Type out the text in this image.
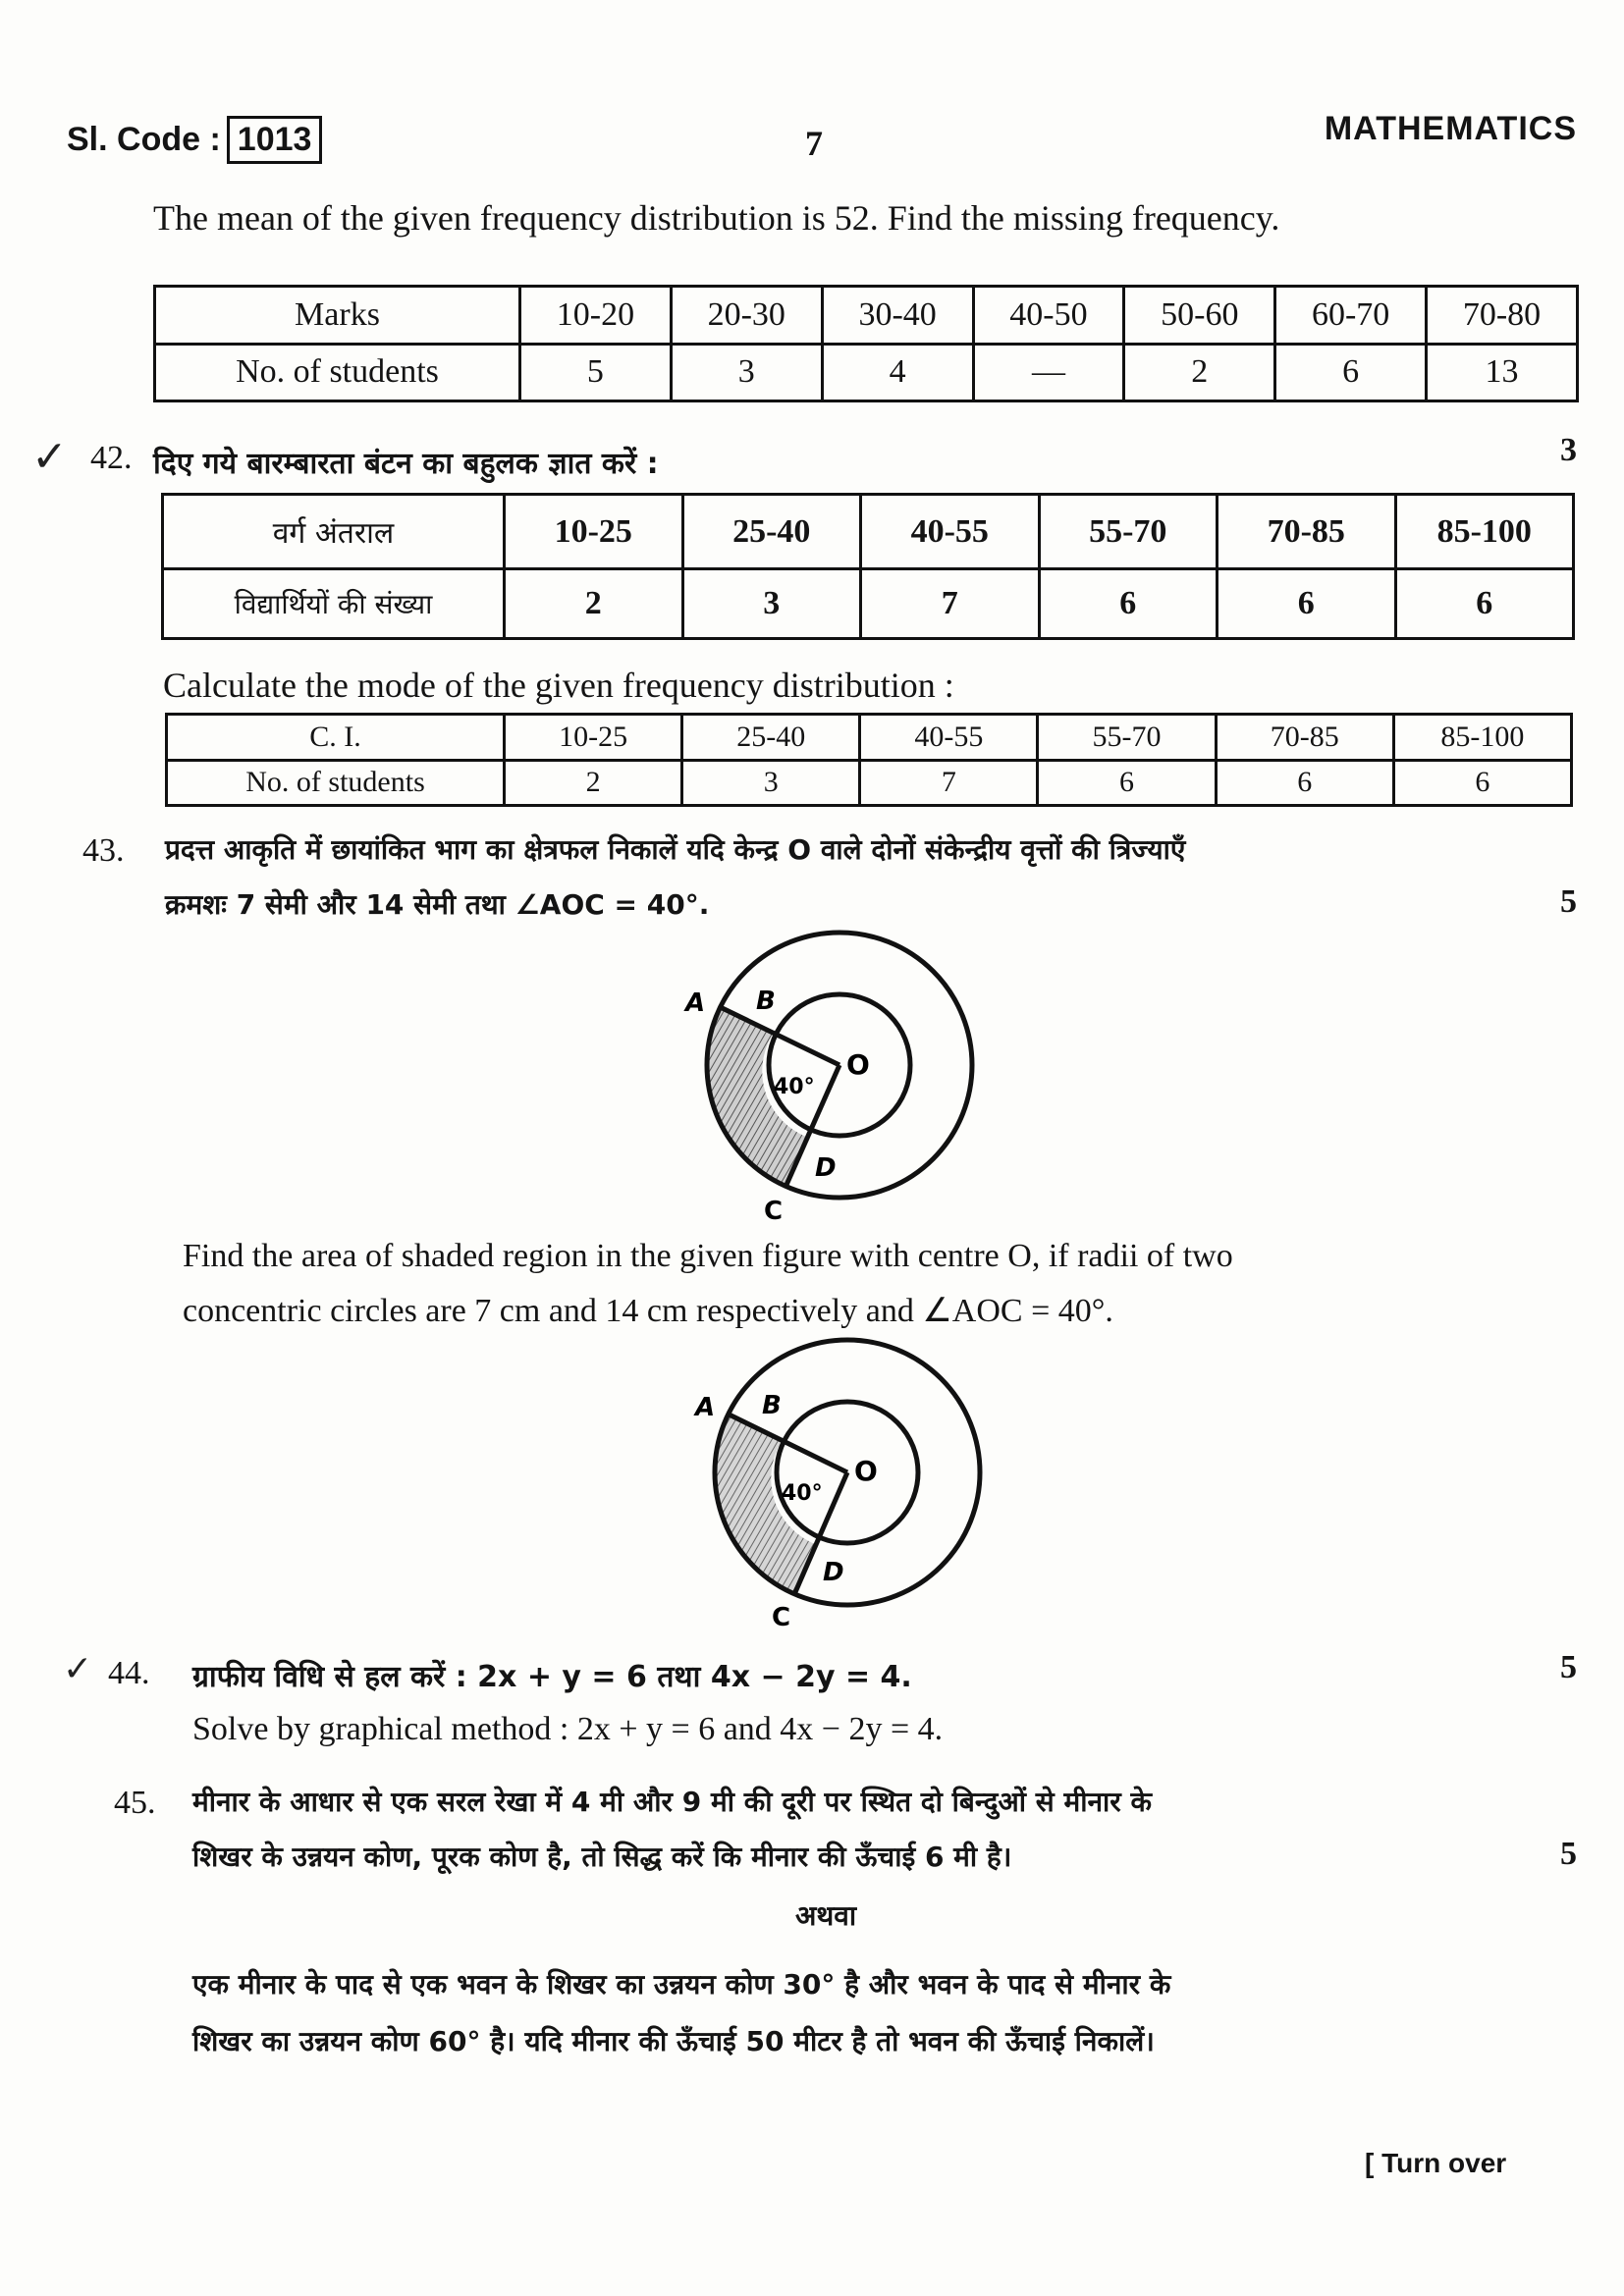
Sl. Code : 1013	7	MATHEMATICS
The mean of the given frequency distribution is 52. Find the missing frequency.
Marks	10-20	20-30	30-40	40-50	50-60	60-70	70-80
No. of students	5	3	4	—	2	6	13
✓ 42. दिए गये बारम्बारता बंटन का बहुलक ज्ञात करें :	3
वर्ग अंतराल	10-25	25-40	40-55	55-70	70-85	85-100
विद्यार्थियों की संख्या	2	3	7	6	6	6
Calculate the mode of the given frequency distribution :
C. I.	10-25	25-40	40-55	55-70	70-85	85-100
No. of students	2	3	7	6	6	6
43. प्रदत्त आकृति में छायांकित भाग का क्षेत्रफल निकालें यदि केन्द्र O वाले दोनों संकेन्द्रीय वृत्तों की त्रिज्याएँ
क्रमशः 7 सेमी और 14 सेमी तथा ∠AOC = 40°.	5
A B
O
D
C
40°
Find the area of shaded region in the given figure with centre O, if radii of two
concentric circles are 7 cm and 14 cm respectively and ∠AOC = 40°.
A B
O
D
C
40°
✓ 44. ग्राफीय विधि से हल करें : 2x + y = 6 तथा 4x − 2y = 4.	5
Solve by graphical method : 2x + y = 6 and 4x − 2y = 4.
45. मीनार के आधार से एक सरल रेखा में 4 मी और 9 मी की दूरी पर स्थित दो बिन्दुओं से मीनार के
शिखर के उन्नयन कोण, पूरक कोण है, तो सिद्ध करें कि मीनार की ऊँचाई 6 मी है।	5
अथवा
एक मीनार के पाद से एक भवन के शिखर का उन्नयन कोण 30° है और भवन के पाद से मीनार के
शिखर का उन्नयन कोण 60° है। यदि मीनार की ऊँचाई 50 मीटर है तो भवन की ऊँचाई निकालें।
[ Turn over
